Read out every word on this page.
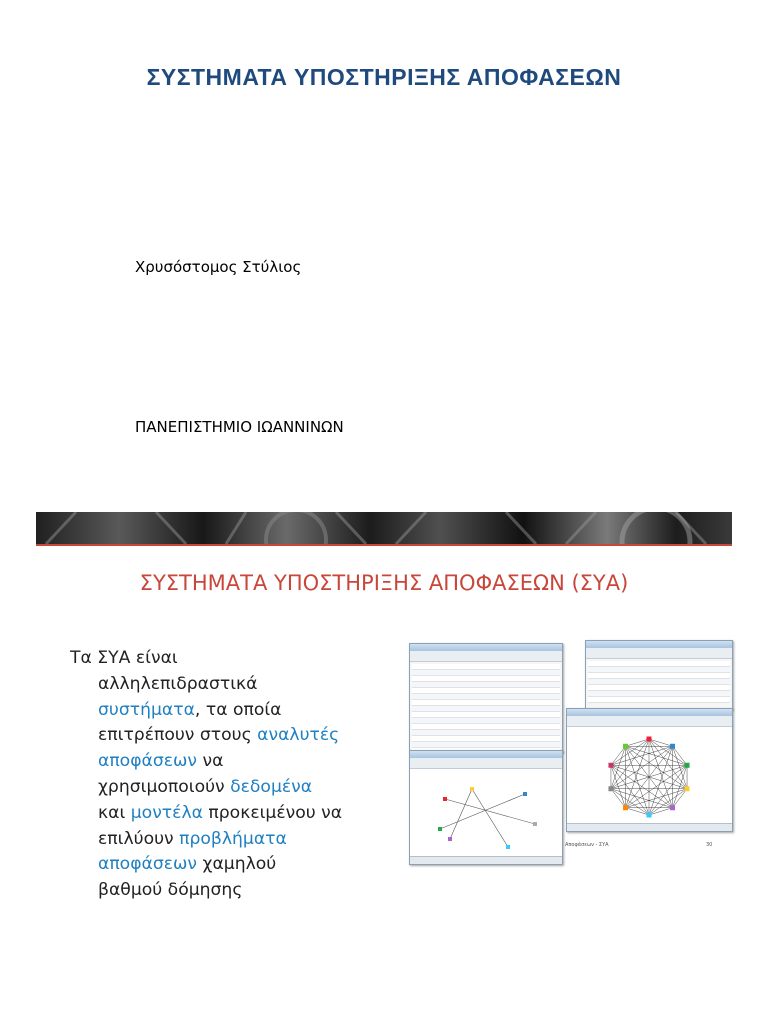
ΣΥΣΤΗΜΑΤΑ ΥΠΟΣΤΗΡΙΞΗΣ ΑΠΟΦΑΣΕΩΝ
Χρυσόστομος Στύλιος
ΠΑΝΕΠΙΣΤΗΜΙΟ ΙΩΑΝΝΙΝΩΝ
ΣΥΣΤΗΜΑΤΑ ΥΠΟΣΤΗΡΙΞΗΣ ΑΠΟΦΑΣΕΩΝ (ΣΥΑ)
Τα ΣΥΑ είναι
αλληλεπιδραστικά
συστήματα, τα οποία
επιτρέπουν στους αναλυτές
αποφάσεων να
χρησιμοποιούν δεδομένα
και μοντέλα προκειμένου να
επιλύουν προβλήματα
αποφάσεων χαμηλού
βαθμού δόμησης
Αποφάσεων - ΣΥΑ	30
